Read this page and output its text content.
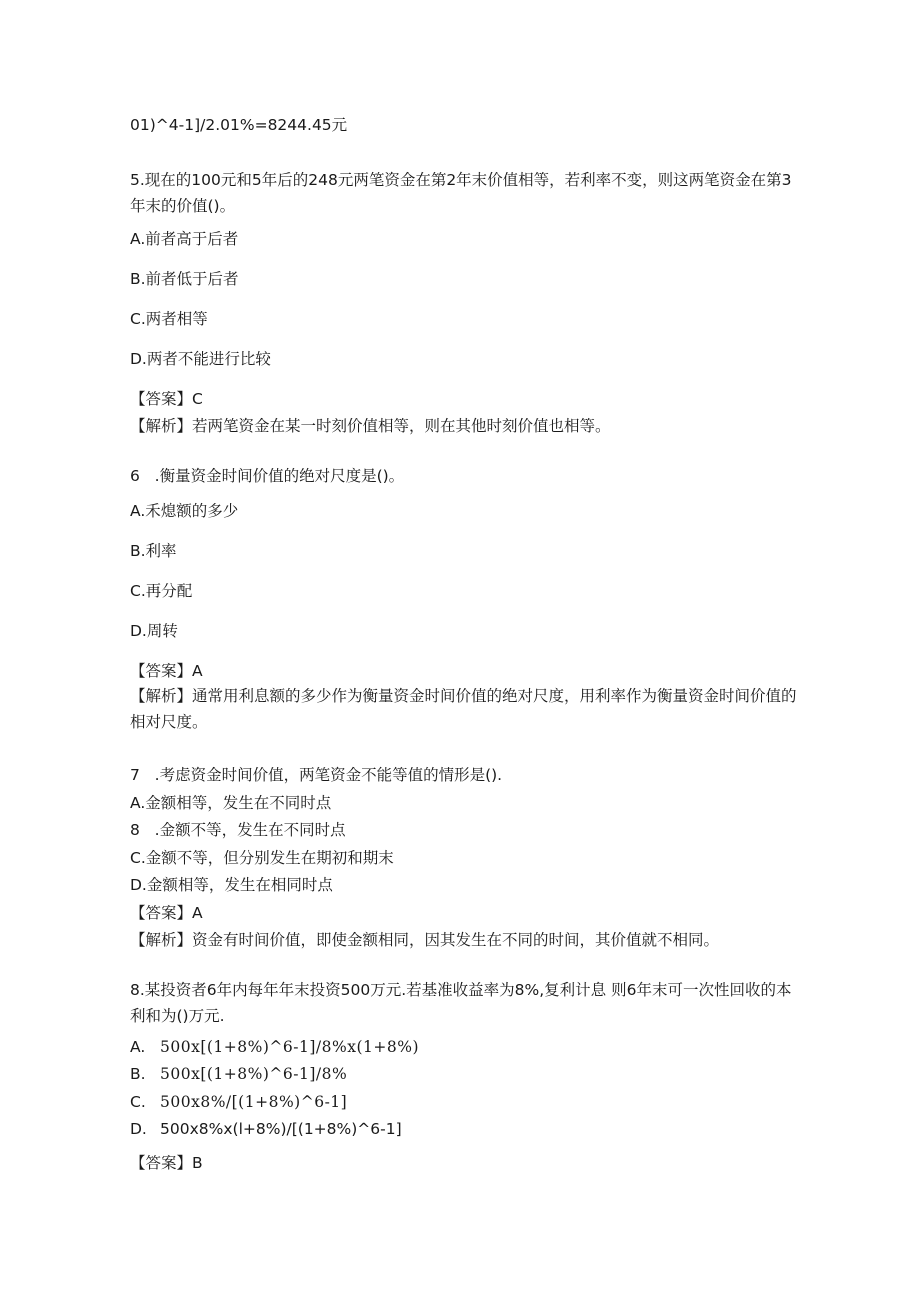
01)^4-1]/2.01%=8244.45元
5.现在的100元和5年后的248元两笔资金在第2年末价值相等，若利率不变，则这两笔资金在第3年末的价值()。
A.前者高于后者
B.前者低于后者
C.两者相等
D.两者不能进行比较
【答案】C
【解析】若两笔资金在某一时刻价值相等，则在其他时刻价值也相等。
6   .衡量资金时间价值的绝对尺度是()。
A.禾熄额的多少
B.利率
C.再分配
D.周转
【答案】A
【解析】通常用利息额的多少作为衡量资金时间价值的绝对尺度，用利率作为衡量资金时间价值的相对尺度。
7   .考虑资金时间价值，两笔资金不能等值的情形是().
A.金额相等，发生在不同时点
8   .金额不等，发生在不同时点
C.金额不等，但分别发生在期初和期末
D.金额相等，发生在相同时点
【答案】A
【解析】资金有时间价值，即使金额相同，因其发生在不同的时间，其价值就不相同。
8.某投资者6年内每年年末投资500万元.若基准收益率为8%,复利计息 则6年末可一次性回收的本利和为()万元.
A. 500x[(1+8%)^6-1]/8%x(1+8%)
B. 500x[(1+8%)^6-1]/8%
C. 500x8%/[(1+8%)^6-1]
D. 500x8%x(l+8%)/[(1+8%)^6-1]
【答案】B
